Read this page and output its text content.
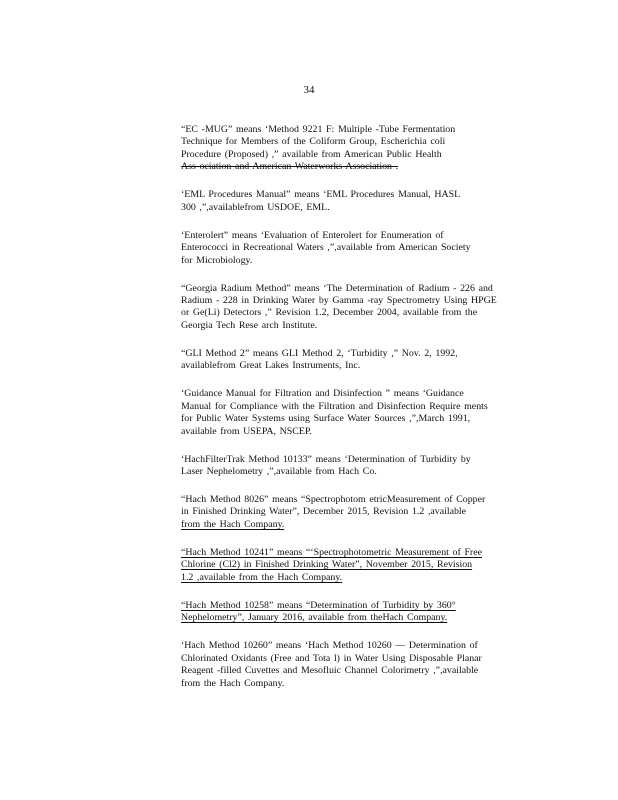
34

“EC -MUG” means ‘Method 9221 F: Multiple -Tube Fermentation
Technique for Members of the Coliform Group, Escherichia coli
Procedure (Proposed) ,” available from American Public Health
Ass ociation and American Waterworks Association .

‘EML Procedures Manual” means ‘EML Procedures Manual, HASL
300 ,”,availablefrom USDOE, EML.

‘Enterolert” means ‘Evaluation of Enterolert for Enumeration of
Enterococci in Recreational Waters ,”,available from American Society
for Microbiology.

“Georgia Radium Method” means ‘The Determination of Radium - 226 and
Radium - 228 in Drinking Water by Gamma -ray Spectrometry Using HPGE
or Ge(Li) Detectors ,” Revision 1.2, December 2004, available from the
Georgia Tech Rese arch Institute.

“GLI Method 2” means GLI Method 2, ‘Turbidity ,” Nov. 2, 1992,
availablefrom Great Lakes Instruments, Inc.

‘Guidance Manual for Filtration and Disinfection ” means ‘Guidance
Manual for Compliance with the Filtration and Disinfection Require ments
for Public Water Systems using Surface Water Sources ,”,March 1991,
available from USEPA, NSCEP.

‘HachFilterTrak Method 10133” means ‘Determination of Turbidity by
Laser Nephelometry ,”,available from Hach Co.

“Hach Method 8026” means “Spectrophotom etricMeasurement of Copper
in Finished Drinking Water”, December 2015, Revision 1.2 ,available
from the Hach Company.

“Hach Method 10241” means “‘Spectrophotometric Measurement of Free
Chlorine (Cl2) in Finished Drinking Water”, November 2015, Revision
1.2 ,available from the Hach Company.

“Hach Method 10258” means “Determination of Turbidity by 360°
Nephelometry”, January 2016, available from theHach Company.

‘Hach Method 10260” means ‘Hach Method 10260 — Determination of
Chlorinated Oxidants (Free and Tota l) in Water Using Disposable Planar
Reagent -filled Cuvettes and Mesofluic Channel Colorimetry ,”,available
from the Hach Company.
